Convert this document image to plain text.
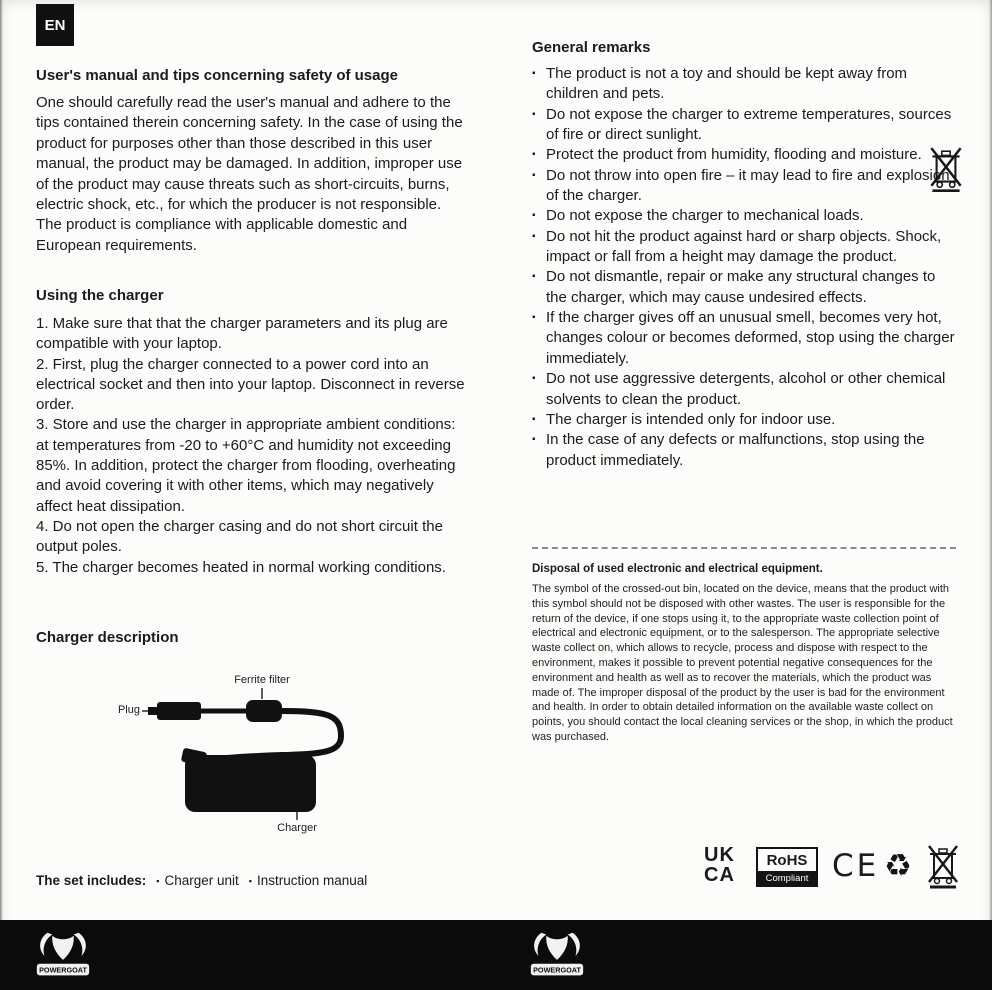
EN
User's manual and tips concerning safety of usage

One should carefully read the user's manual and adhere to the tips contained therein concerning safety. In the case of using the product for purposes other than those described in this user manual, the product may be damaged. In addition, improper use of the product may cause threats such as short-circuits, burns, electric shock, etc., for which the producer is not responsible. The product is compliance with applicable domestic and European requirements.

Using the charger

1. Make sure that that the charger parameters and its plug are compatible with your laptop.

2. First, plug the charger connected to a power cord into an electrical socket and then into your laptop. Disconnect in reverse order.

3. Store and use the charger in appropriate ambient conditions: at temperatures from -20 to +60°C and humidity not exceeding 85%. In addition, protect the charger from flooding, overheating and avoid covering it with other items, which may negatively affect heat dissipation.

4. Do not open the charger casing and do not short circuit the output poles.

5. The charger becomes heated in normal working conditions.

Charger description
Ferrite filter
Plug
Charger

The set includes: ▪ Charger unit ▪ Instruction manual

General remarks
▪ The product is not a toy and should be kept away from children and pets.
▪ Do not expose the charger to extreme temperatures, sources of fire or direct sunlight.
▪ Protect the product from humidity, flooding and moisture.
▪ Do not throw into open fire – it may lead to fire and explosion of the charger.
▪ Do not expose the charger to mechanical loads.
▪ Do not hit the product against hard or sharp objects. Shock, impact or fall from a height may damage the product.
▪ Do not dismantle, repair or make any structural changes to the charger, which may cause undesired effects.
▪ If the charger gives off an unusual smell, becomes very hot, changes colour or becomes deformed, stop using the charger immediately.
▪ Do not use aggressive detergents, alcohol or other chemical solvents to clean the product.
▪ The charger is intended only for indoor use.
▪ In the case of any defects or malfunctions, stop using the product immediately.

Disposal of used electronic and electrical equipment.

The symbol of the crossed-out bin, located on the device, means that the product with this symbol should not be disposed with other wastes. The user is responsible for the return of the device, if one stops using it, to the appropriate waste collection point of electrical and electronic equipment, or to the salesperson. The appropriate selective waste collect on, which allows to recycle, process and dispose with respect to the environment, makes it possible to prevent potential negative consequences for the environment and health as well as to recover the materials, which the product was made of. The improper disposal of the product by the user is bad for the environment and health. In order to obtain detailed information on the available waste collect on points, you should contact the local cleaning services or the shop, in which the product was purchased.

UK
CA
RoHS
Compliant CE ♻
POWERGOAT	POWERGOAT
